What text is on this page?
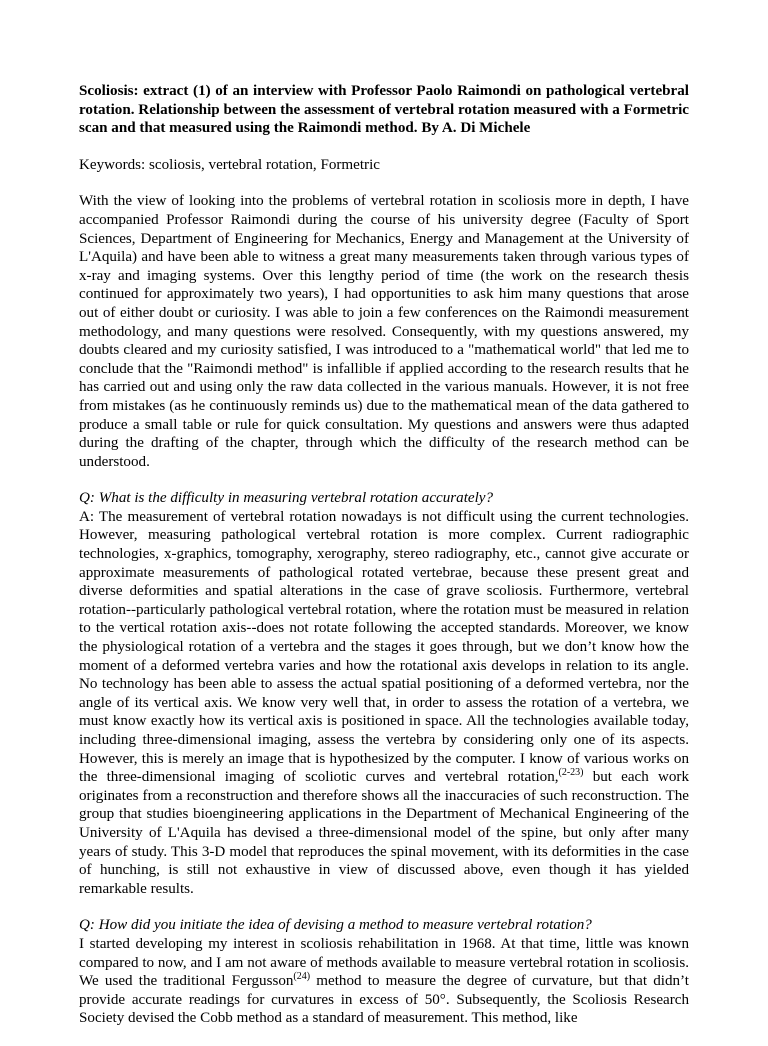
Scoliosis: extract (1) of an interview with Professor Paolo Raimondi on pathological vertebral rotation. Relationship between the assessment of vertebral rotation measured with a Formetric scan and that measured using the Raimondi method. By A. Di Michele

Keywords: scoliosis, vertebral rotation, Formetric

With the view of looking into the problems of vertebral rotation in scoliosis more in depth, I have accompanied Professor Raimondi during the course of his university degree (Faculty of Sport Sciences, Department of Engineering for Mechanics, Energy and Management at the University of L'Aquila) and have been able to witness a great many measurements taken through various types of x-ray and imaging systems. Over this lengthy period of time (the work on the research thesis continued for approximately two years), I had opportunities to ask him many questions that arose out of either doubt or curiosity. I was able to join a few conferences on the Raimondi measurement methodology, and many questions were resolved. Consequently, with my questions answered, my doubts cleared and my curiosity satisfied, I was introduced to a "mathematical world" that led me to conclude that the "Raimondi method" is infallible if applied according to the research results that he has carried out and using only the raw data collected in the various manuals. However, it is not free from mistakes (as he continuously reminds us) due to the mathematical mean of the data gathered to produce a small table or rule for quick consultation. My questions and answers were thus adapted during the drafting of the chapter, through which the difficulty of the research method can be understood.

Q: What is the difficulty in measuring vertebral rotation accurately?

A: The measurement of vertebral rotation nowadays is not difficult using the current technologies. However, measuring pathological vertebral rotation is more complex. Current radiographic technologies, x-graphics, tomography, xerography, stereo radiography, etc., cannot give accurate or approximate measurements of pathological rotated vertebrae, because these present great and diverse deformities and spatial alterations in the case of grave scoliosis. Furthermore, vertebral rotation--particularly pathological vertebral rotation, where the rotation must be measured in relation to the vertical rotation axis--does not rotate following the accepted standards. Moreover, we know the physiological rotation of a vertebra and the stages it goes through, but we don’t know how the moment of a deformed vertebra varies and how the rotational axis develops in relation to its angle. No technology has been able to assess the actual spatial positioning of a deformed vertebra, nor the angle of its vertical axis. We know very well that, in order to assess the rotation of a vertebra, we must know exactly how its vertical axis is positioned in space. All the technologies available today, including three-dimensional imaging, assess the vertebra by considering only one of its aspects. However, this is merely an image that is hypothesized by the computer. I know of various works on the three-dimensional imaging of scoliotic curves and vertebral rotation,$^{(2-23)}$ but each work originates from a reconstruction and therefore shows all the inaccuracies of such reconstruction. The group that studies bioengineering applications in the Department of Mechanical Engineering of the University of L'Aquila has devised a three-dimensional model of the spine, but only after many years of study. This 3-D model that reproduces the spinal movement, with its deformities in the case of hunching, is still not exhaustive in view of discussed above, even though it has yielded remarkable results.

Q: How did you initiate the idea of devising a method to measure vertebral rotation?

I started developing my interest in scoliosis rehabilitation in 1968. At that time, little was known compared to now, and I am not aware of methods available to measure vertebral rotation in scoliosis. We used the traditional Fergusson$^{(24)}$ method to measure the degree of curvature, but that didn’t provide accurate readings for curvatures in excess of 50°. Subsequently, the Scoliosis Research Society devised the Cobb method as a standard of measurement. This method, like
